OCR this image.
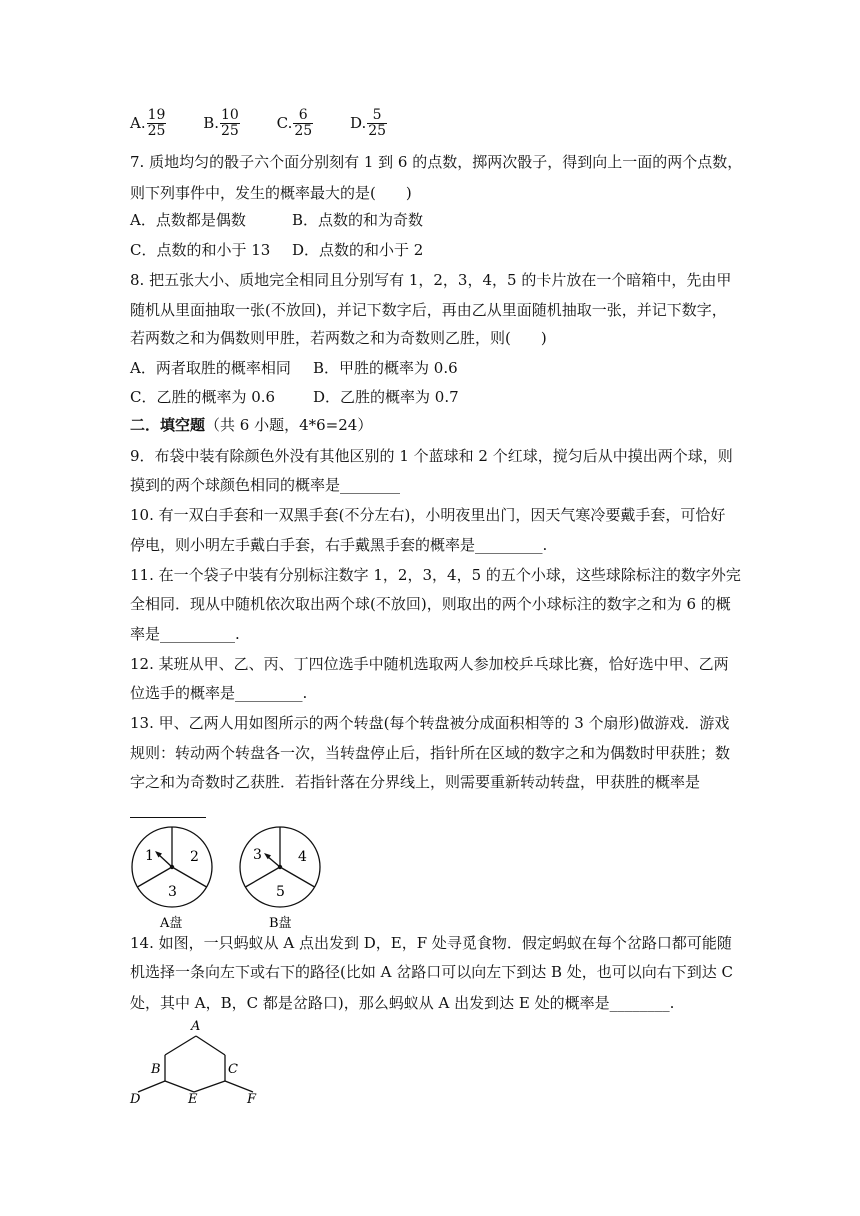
A. $\frac{19}{25} B$. $\frac{10}{25} C$. $\frac{6}{25} D$. $\frac{5}{25}$
7. 质地均匀的骰子六个面分别刻有 1 到 6 的点数，掷两次骰子，得到向上一面的两个点数，
则下列事件中，发生的概率最大的是(　　)
A．点数都是偶数	B．点数的和为奇数
C．点数的和小于 13 D．点数的和小于 2
8. 把五张大小、质地完全相同且分别写有 1，2，3，4，5 的卡片放在一个暗箱中，先由甲
随机从里面抽取一张(不放回)，并记下数字后，再由乙从里面随机抽取一张，并记下数字，
若两数之和为偶数则甲胜，若两数之和为奇数则乙胜，则(　　)
A．两者取胜的概率相同 B．甲胜的概率为 0.6
C．乙胜的概率为 0.6	D．乙胜的概率为 0.7
二．填空题（共 6 小题，4*6=24）
9．布袋中装有除颜色外没有其他区别的 1 个蓝球和 2 个红球，搅匀后从中摸出两个球，则
摸到的两个球颜色相同的概率是________
10. 有一双白手套和一双黑手套(不分左右)，小明夜里出门，因天气寒冷要戴手套，可恰好
停电，则小明左手戴白手套，右手戴黑手套的概率是_________.
11. 在一个袋子中装有分别标注数字 1，2，3，4，5 的五个小球，这些球除标注的数字外完
全相同．现从中随机依次取出两个球(不放回)，则取出的两个小球标注的数字之和为 6 的概
率是__________.
12. 某班从甲、乙、丙、丁四位选手中随机选取两人参加校乒乓球比赛，恰好选中甲、乙两
位选手的概率是_________.
13. 甲、乙两人用如图所示的两个转盘(每个转盘被分成面积相等的 3 个扇形)做游戏．游戏
规则：转动两个转盘各一次，当转盘停止后，指针所在区域的数字之和为偶数时甲获胜；数
字之和为奇数时乙获胜．若指针落在分界线上，则需要重新转动转盘，甲获胜的概率是
1	2
3
A盘
3	4
5
B盘
14. 如图，一只蚂蚁从 A 点出发到 D，E，F 处寻觅食物．假定蚂蚁在每个岔路口都可能随
机选择一条向左下或右下的路径(比如 A 岔路口可以向左下到达 B 处，也可以向右下到达 C
处，其中 A，B，C 都是岔路口)，那么蚂蚁从 A 出发到达 E 处的概率是________.
A
B	C
D	E	F
